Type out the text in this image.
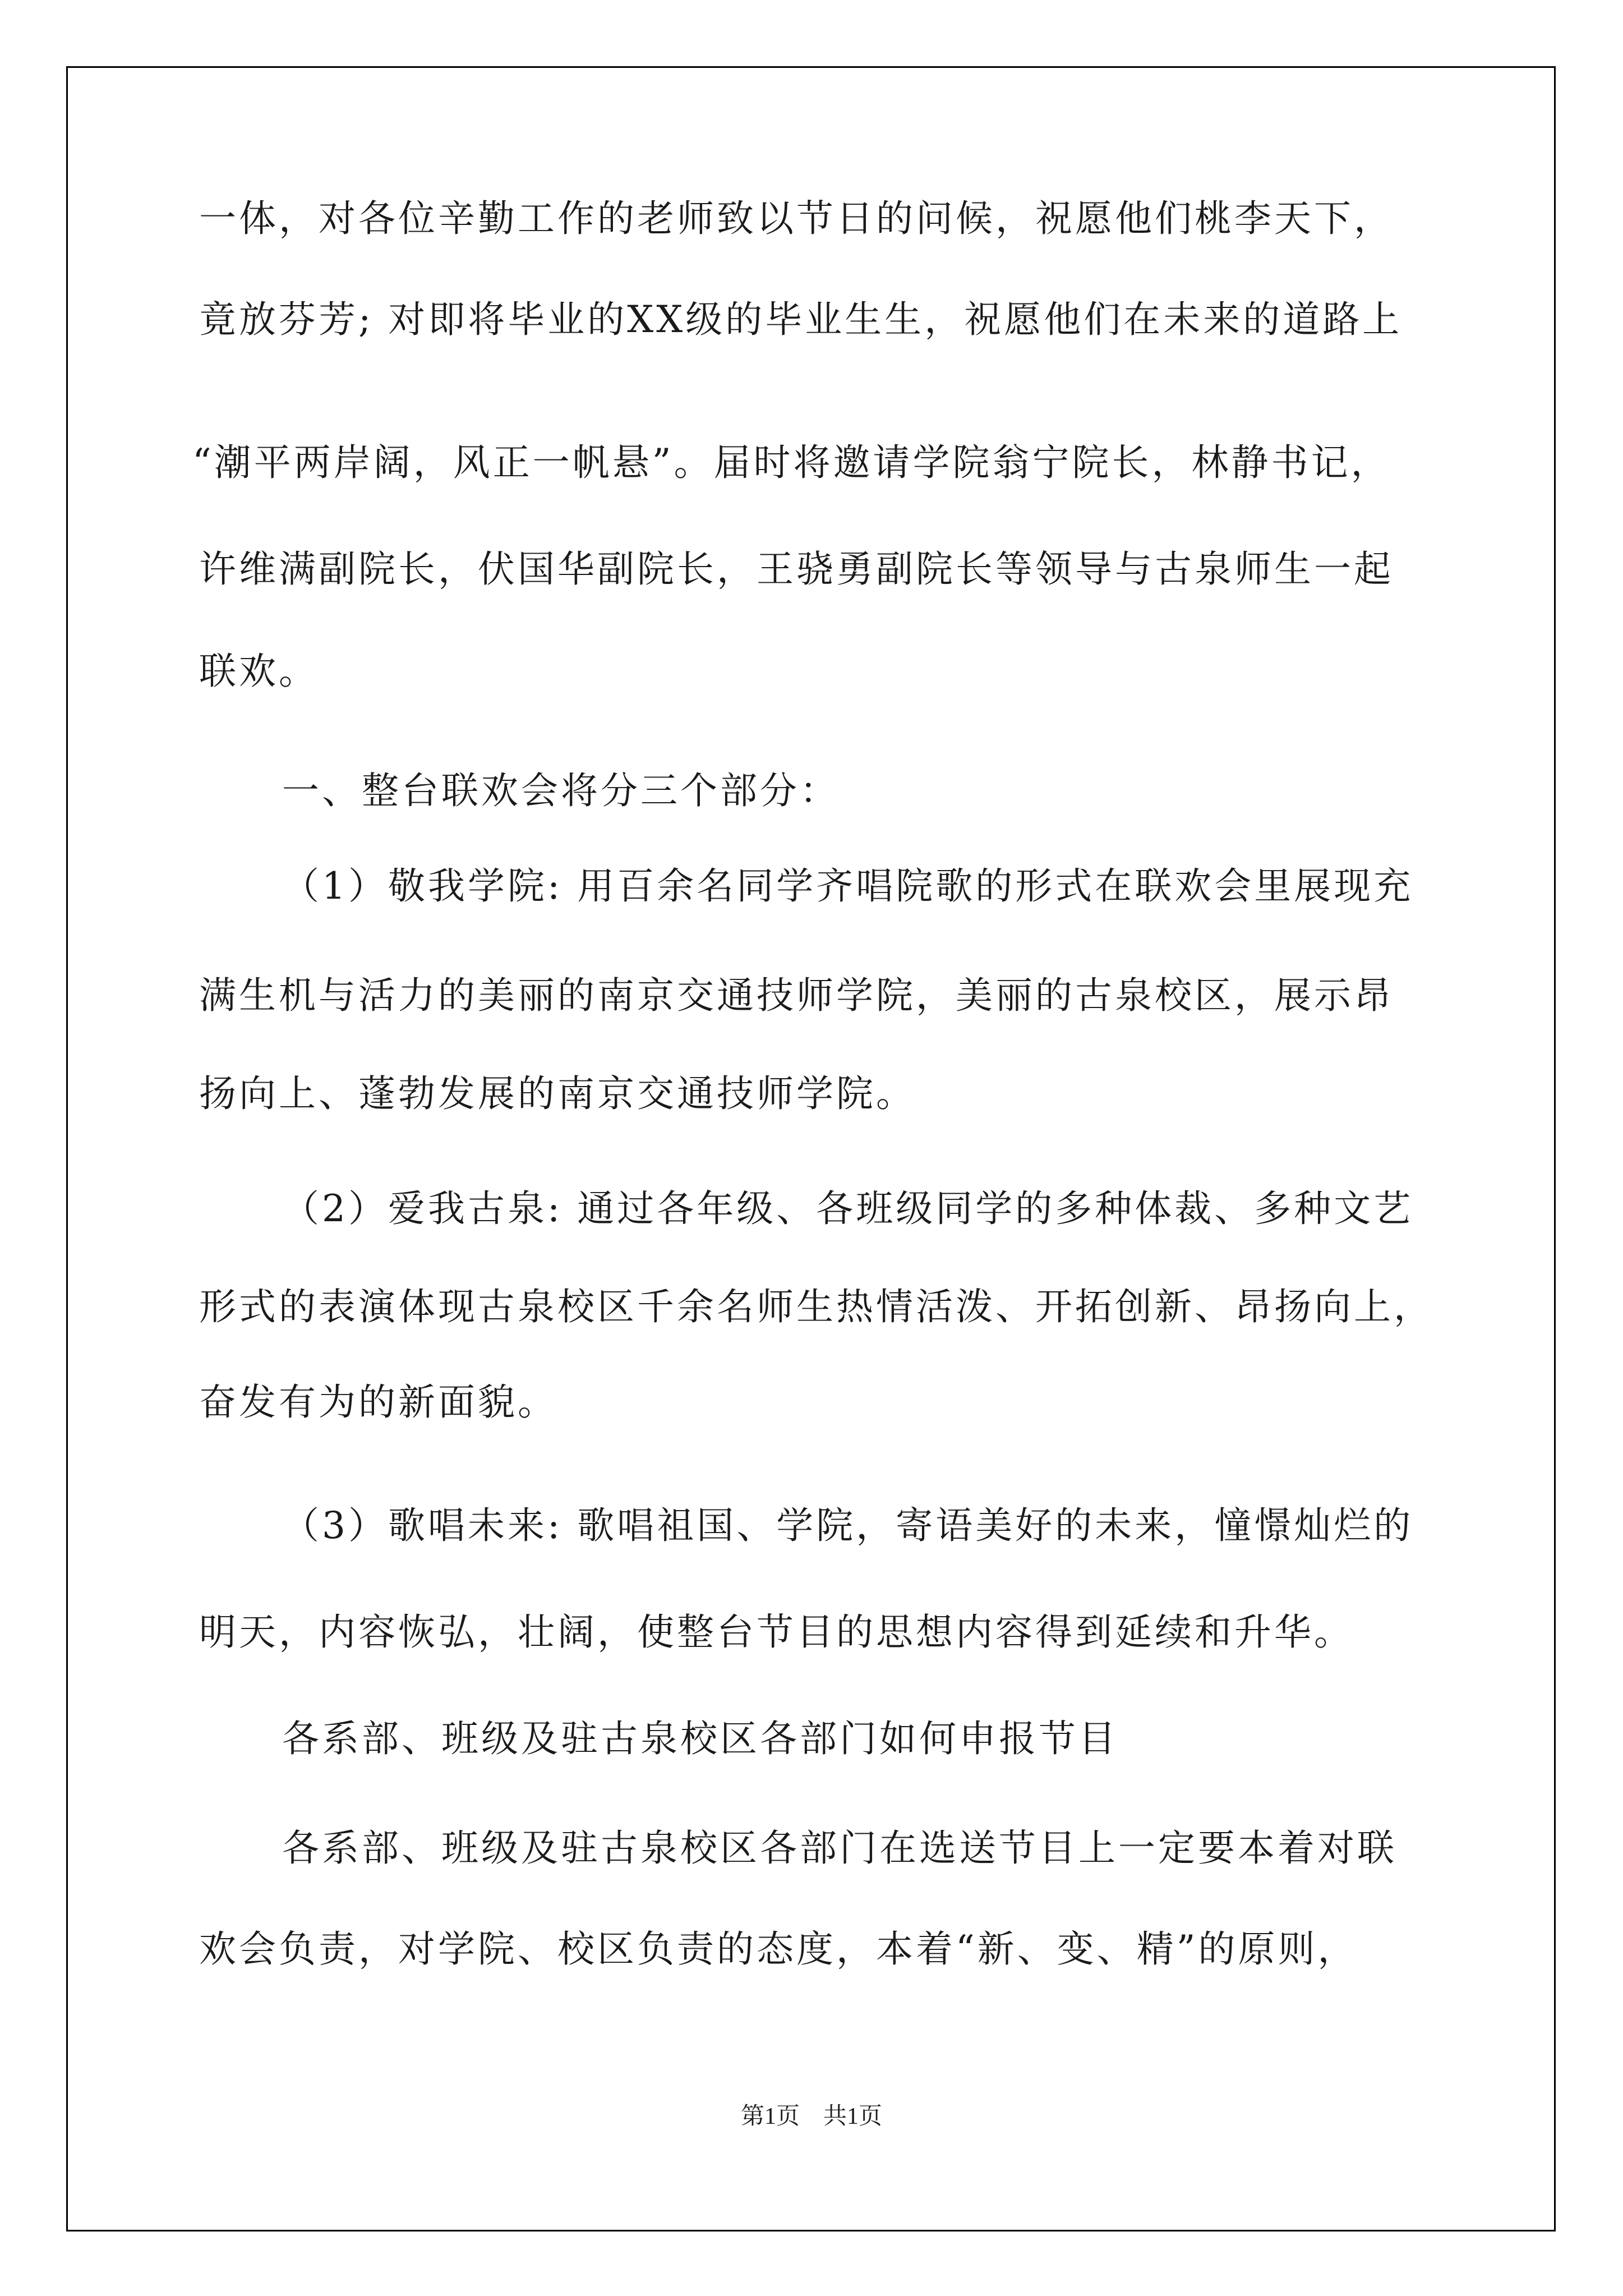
一体，对各位辛勤工作的老师致以节日的问候，祝愿他们桃李天下，
竟放芬芳; 对即将毕业的XX级的毕业生生，祝愿他们在未来的道路上
“潮平两岸阔，风正一帆悬”。届时将邀请学院翁宁院长，林静书记，
许维满副院长，伏国华副院长，王骁勇副院长等领导与古泉师生一起
联欢。
一、整台联欢会将分三个部分：
（1）敬我学院: 用百余名同学齐唱院歌的形式在联欢会里展现充
满生机与活力的美丽的南京交通技师学院，美丽的古泉校区，展示昂
扬向上、蓬勃发展的南京交通技师学院。
（2）爱我古泉: 通过各年级、各班级同学的多种体裁、多种文艺
形式的表演体现古泉校区千余名师生热情活泼、开拓创新、昂扬向上，
奋发有为的新面貌。
（3）歌唱未来: 歌唱祖国、学院，寄语美好的未来，憧憬灿烂的
明天，内容恢弘，壮阔，使整台节目的思想内容得到延续和升华。
各系部、班级及驻古泉校区各部门如何申报节目
各系部、班级及驻古泉校区各部门在选送节目上一定要本着对联
欢会负责，对学院、校区负责的态度，本着“新、变、精”的原则，
第1页　共1页
